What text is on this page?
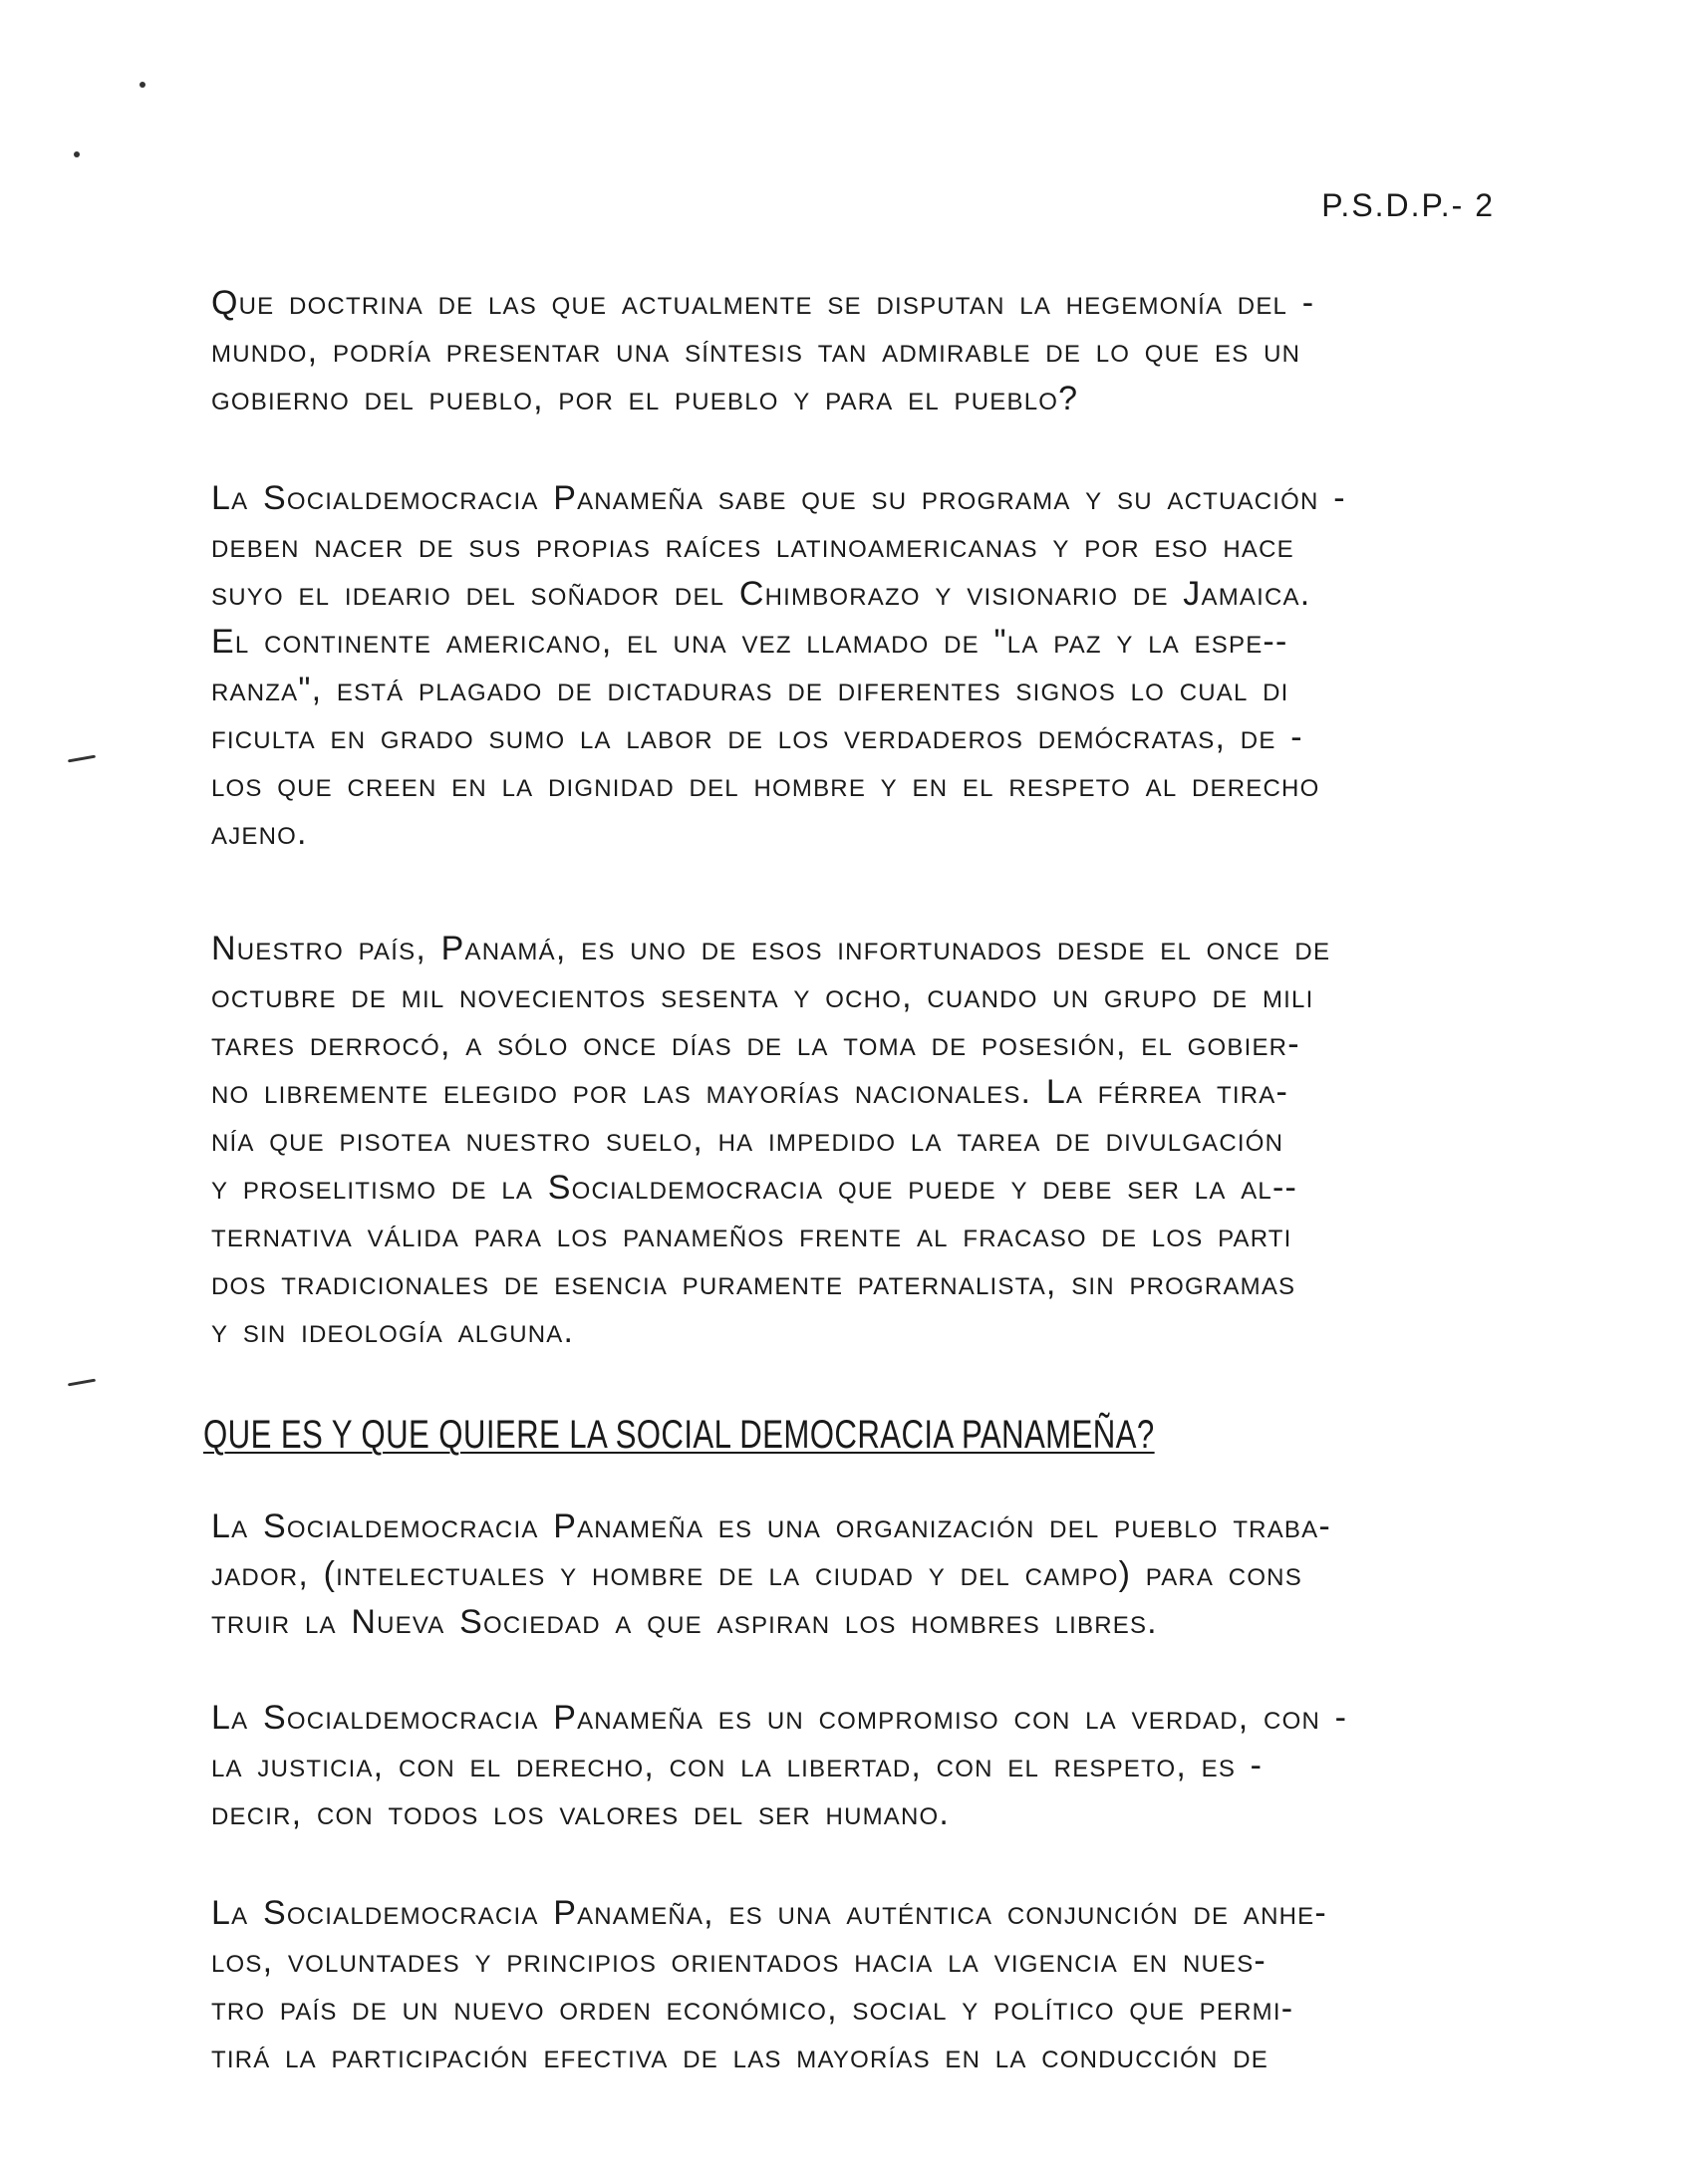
P.S.D.P.- 2
Que doctrina de las que actualmente se disputan la hegemonía del -
mundo, podría presentar una síntesis tan admirable de lo que es un
gobierno del pueblo, por el pueblo y para el pueblo?
La Socialdemocracia Panameña sabe que su programa y su actuación -
deben nacer de sus propias raíces latinoamericanas y por eso hace
suyo el ideario del soñador del Chimborazo y visionario de Jamaica.
El continente americano, el una vez llamado de "la paz y la espe--
ranza", está plagado de dictaduras de diferentes signos lo cual di
ficulta en grado sumo la labor de los verdaderos demócratas, de -
los que creen en la dignidad del hombre y en el respeto al derecho
ajeno.
Nuestro país, Panamá, es uno de esos infortunados desde el once de
octubre de mil novecientos sesenta y ocho, cuando un grupo de mili
tares derrocó, a sólo once días de la toma de posesión, el gobier-
no libremente elegido por las mayorías nacionales. La férrea tira-
nía que pisotea nuestro suelo, ha impedido la tarea de divulgación
y proselitismo de la Socialdemocracia que puede y debe ser la al--
ternativa válida para los panameños frente al fracaso de los parti
dos tradicionales de esencia puramente paternalista, sin programas
y sin ideología alguna.
QUE ES Y QUE QUIERE LA SOCIAL DEMOCRACIA PANAMEÑA?
La Socialdemocracia Panameña es una organización del pueblo traba-
jador, (intelectuales y hombre de la ciudad y del campo) para cons
truir la Nueva Sociedad a que aspiran los hombres libres.
La Socialdemocracia Panameña es un compromiso con la verdad, con -
la justicia, con el derecho, con la libertad, con el respeto, es -
decir, con todos los valores del ser humano.
La Socialdemocracia Panameña, es una auténtica conjunción de anhe-
los, voluntades y principios orientados hacia la vigencia en nues-
tro país de un nuevo orden económico, social y político que permi-
tirá la participación efectiva de las mayorías en la conducción de
